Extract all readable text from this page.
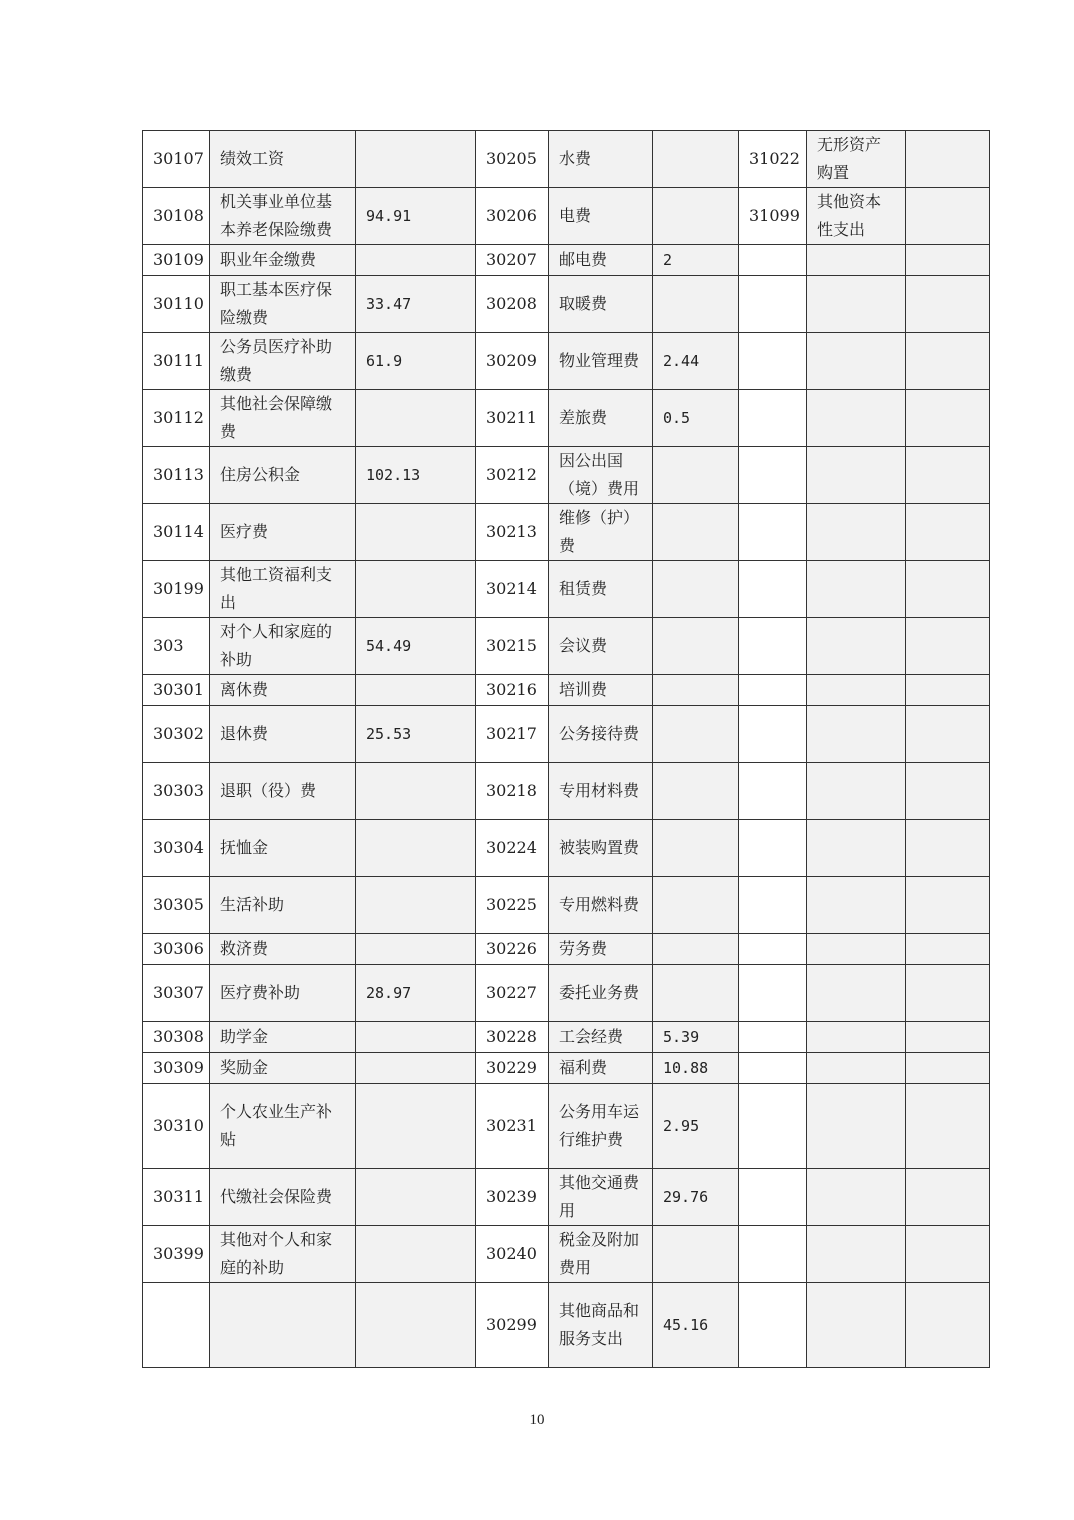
30107	绩效工资		30205	水费		31022	无形资产购置	
30108	机关事业单位基本养老保险缴费	94.91	30206	电费		31099	其他资本性支出	
30109	职业年金缴费		30207	邮电费	2			
30110	职工基本医疗保险缴费	33.47	30208	取暖费				
30111	公务员医疗补助缴费	61.9	30209	物业管理费	2.44			
30112	其他社会保障缴费		30211	差旅费	0.5			
30113	住房公积金	102.13	30212	因公出国（境）费用				
30114	医疗费		30213	维修（护）费				
30199	其他工资福利支出		30214	租赁费				
303	对个人和家庭的补助	54.49	30215	会议费				
30301	离休费		30216	培训费				
30302	退休费	25.53	30217	公务接待费				
30303	退职（役）费		30218	专用材料费				
30304	抚恤金		30224	被装购置费				
30305	生活补助		30225	专用燃料费				
30306	救济费		30226	劳务费				
30307	医疗费补助	28.97	30227	委托业务费				
30308	助学金		30228	工会经费	5.39			
30309	奖励金		30229	福利费	10.88			
30310	个人农业生产补贴		30231	公务用车运行维护费	2.95			
30311	代缴社会保险费		30239	其他交通费用	29.76			
30399	其他对个人和家庭的补助		30240	税金及附加费用				
			30299	其他商品和服务支出	45.16			
10
